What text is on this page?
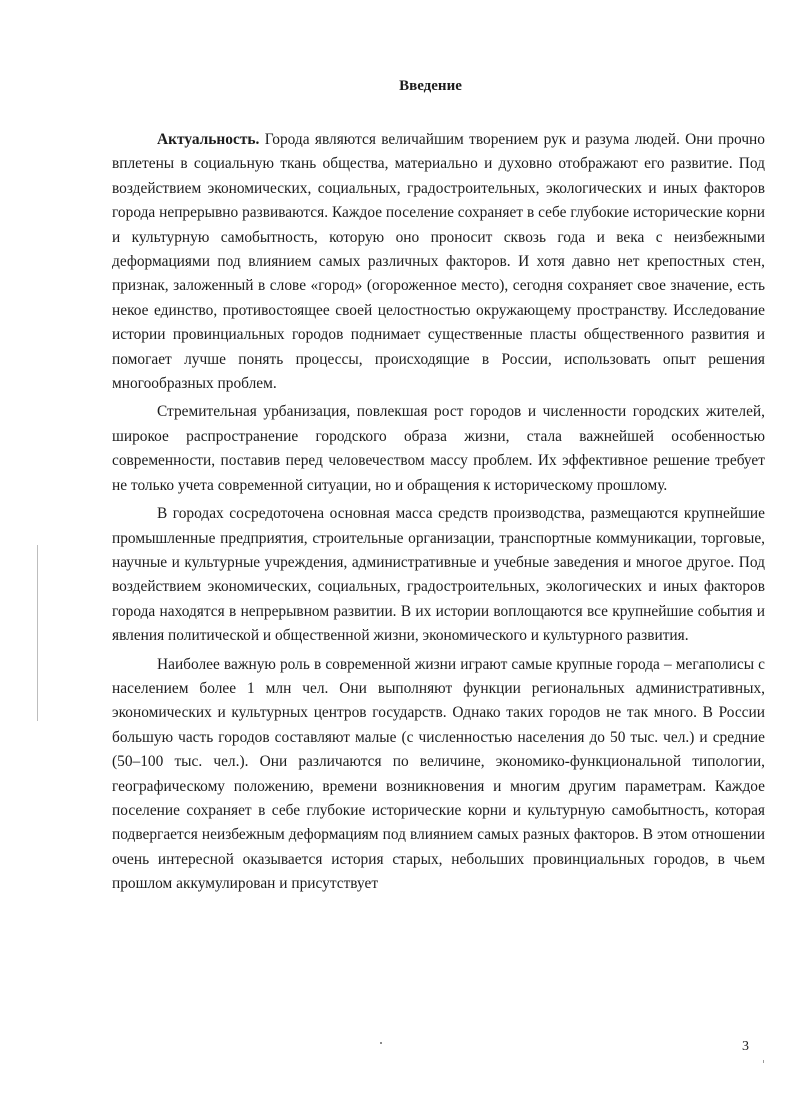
Введение

Актуальность. Города являются величайшим творением рук и разума людей. Они прочно вплетены в социальную ткань общества, материально и духовно отображают его развитие. Под воздействием экономических, социальных, градостроительных, экологических и иных факторов города непрерывно развиваются. Каждое поселение сохраняет в себе глубокие исторические корни и культурную самобытность, которую оно проносит сквозь года и века с неизбежными деформациями под влиянием самых различных факторов. И хотя давно нет крепостных стен, признак, заложенный в слове «город» (огороженное место), сегодня сохраняет свое значение, есть некое единство, противостоящее своей целостностью окружающему пространству. Исследование истории провинциальных городов поднимает существенные пласты общественного развития и помогает лучше понять процессы, происходящие в России, использовать опыт решения многообразных проблем.

Стремительная урбанизация, повлекшая рост городов и численности городских жителей, широкое распространение городского образа жизни, стала важнейшей особенностью современности, поставив перед человечеством массу проблем. Их эффективное решение требует не только учета современной ситуации, но и обращения к историческому прошлому.

В городах сосредоточена основная масса средств производства, размещаются крупнейшие промышленные предприятия, строительные организации, транспортные коммуникации, торговые, научные и культурные учреждения, административные и учебные заведения и многое другое. Под воздействием экономических, социальных, градостроительных, экологических и иных факторов города находятся в непрерывном развитии. В их истории воплощаются все крупнейшие события и явления политической и общественной жизни, экономического и культурного развития.

Наиболее важную роль в современной жизни играют самые крупные города – мегаполисы с населением более 1 млн чел. Они выполняют функции региональных административных, экономических и культурных центров государств. Однако таких городов не так много. В России большую часть городов составляют малые (с численностью населения до 50 тыс. чел.) и средние (50–100 тыс. чел.). Они различаются по величине, экономико-функциональной типологии, географическому положению, времени возникновения и многим другим параметрам. Каждое поселение сохраняет в себе глубокие исторические корни и культурную самобытность, которая подвергается неизбежным деформациям под влиянием самых разных факторов. В этом отношении очень интересной оказывается история старых, небольших провинциальных городов, в чьем прошлом аккумулирован и присутствует

3
